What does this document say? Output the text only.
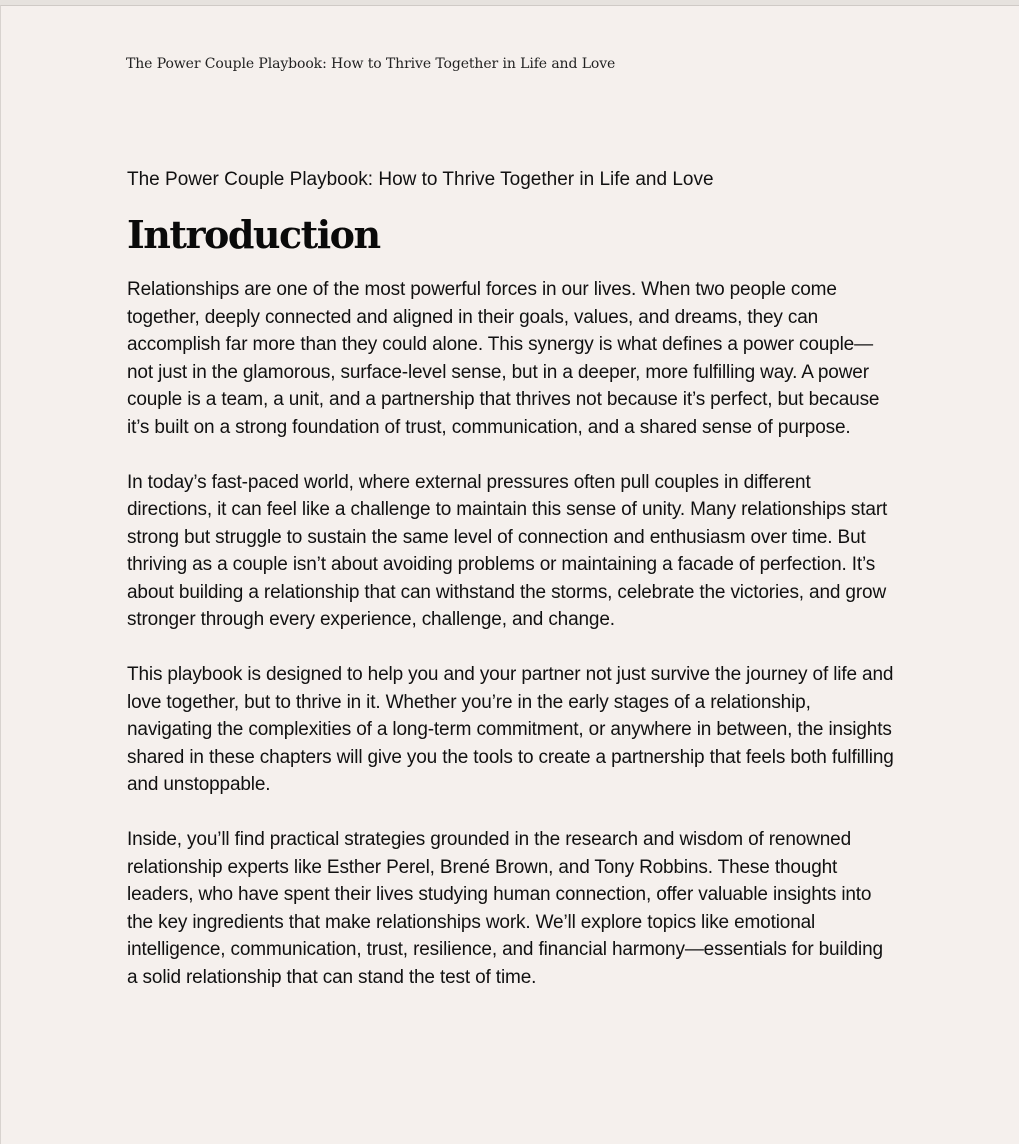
The Power Couple Playbook: How to Thrive Together in Life and Love

The Power Couple Playbook: How to Thrive Together in Life and Love

Introduction

Relationships are one of the most powerful forces in our lives. When two people come together, deeply connected and aligned in their goals, values, and dreams, they can accomplish far more than they could alone. This synergy is what defines a power couple—not just in the glamorous, surface-level sense, but in a deeper, more fulfilling way. A power couple is a team, a unit, and a partnership that thrives not because it’s perfect, but because it’s built on a strong foundation of trust, communication, and a shared sense of purpose.

In today’s fast-paced world, where external pressures often pull couples in different directions, it can feel like a challenge to maintain this sense of unity. Many relationships start strong but struggle to sustain the same level of connection and enthusiasm over time. But thriving as a couple isn’t about avoiding problems or maintaining a facade of perfection. It’s about building a relationship that can withstand the storms, celebrate the victories, and grow stronger through every experience, challenge, and change.

This playbook is designed to help you and your partner not just survive the journey of life and love together, but to thrive in it. Whether you’re in the early stages of a relationship, navigating the complexities of a long-term commitment, or anywhere in between, the insights shared in these chapters will give you the tools to create a partnership that feels both fulfilling and unstoppable.

Inside, you’ll find practical strategies grounded in the research and wisdom of renowned relationship experts like Esther Perel, Brené Brown, and Tony Robbins. These thought leaders, who have spent their lives studying human connection, offer valuable insights into the key ingredients that make relationships work. We’ll explore topics like emotional intelligence, communication, trust, resilience, and financial harmony—essentials for building a solid relationship that can stand the test of time.
